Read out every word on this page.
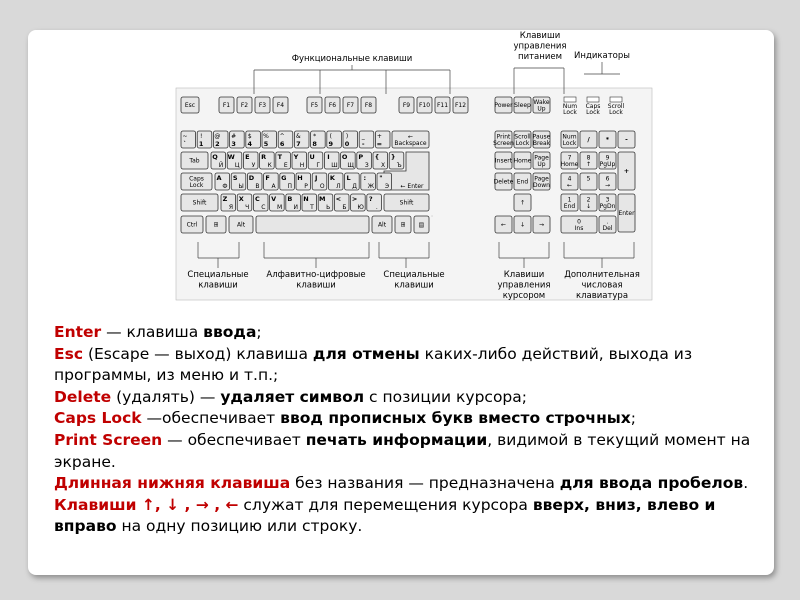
Функциональные клавиши
Клавиши
управления
питанием Индикаторы
Esc	F1 F2 F3 F4	F5 F6 F7 F8	F9 F10 F11 F12	Power Sleep Wake
Up	Num
Lock
Caps
Lock
Scroll
Lock
~
`
!
1
@
2
#
3
$
4
%
5
^
6
&
7
*
8
(
9
)
0
_
-
+
=
←
Backspace
Tab Q
Й
W
Ц
E
У
R
К
T
Е
Y
Н
U
Г
I
Ш
O
Щ
P
З
{
Х
}
Ъ
← Enter
Caps
Lock
A
Ф
S
Ы
D
В
F
А
G
П
H
Р
J
О
K
Л
L
Д
:
Ж
"
Э
Shift	Z
Я
X
Ч
C
С
V
М
B
И
N
Т
M
Ь
<
Б
>
Ю
?
.
Shift
Ctrl	⊞	Alt	Alt ⊞ ▤
Print
Screen
Scroll
Lock
Pause
Break
Insert Home Page
Up
Delete End Page
Down
↑
← ↓ →
Num
Lock / * -
7
Home
8
↑
9
PgUp
+
4
←
5	6
→
1
End
2
↓
3
PgDn
Enter
0
Ins
.
Del
Специальные
клавиши
Алфавитно-цифровые
клавиши
Специальные
клавиши
Клавиши
управления
курсором
Дополнительная
числовая
клавиатура

Enter — клавиша ввода;

Esc (Escape — выход) клавиша для отмены каких-либо действий, выхода из программы, из меню и т.п.;

Delete (удалять) — удаляет символ с позиции курсора;

Caps Lock —обеспечивает ввод прописных букв вместо строчных;

Print Screen — обеспечивает печать информации, видимой в текущий момент на экране.

Длинная нижняя клавиша без названия — предназначена для ввода пробелов.

Клавиши ↑, ↓ , → , ← служат для перемещения курсора вверх, вниз, влево и вправо на одну позицию или строку.
